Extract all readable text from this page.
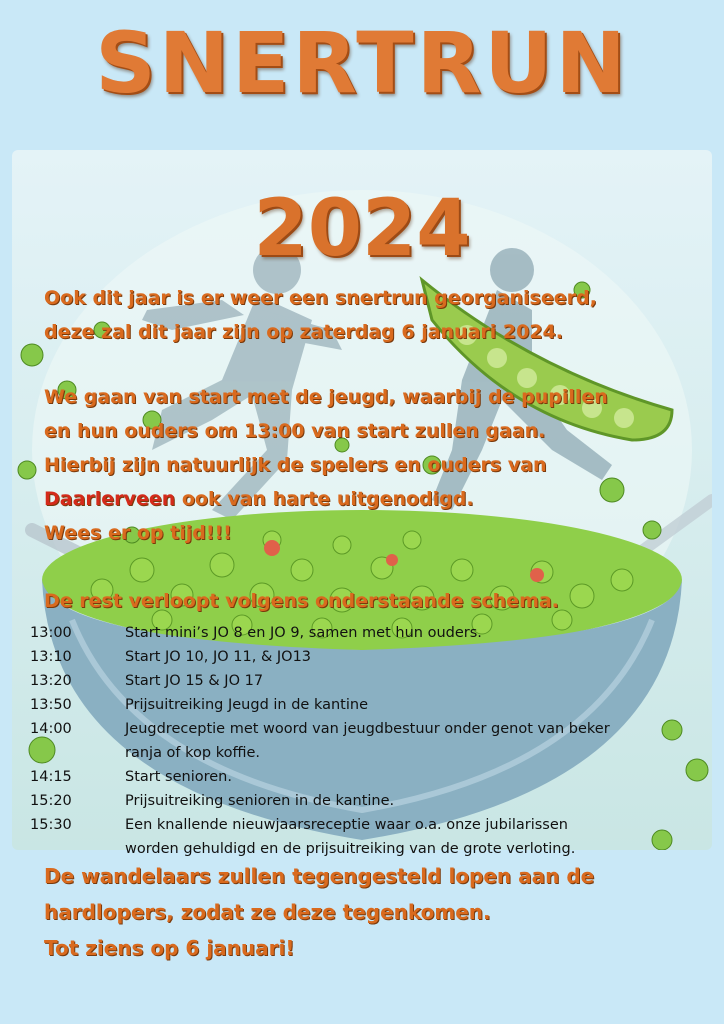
SNERTRUN
2024

Ook dit jaar is er weer een snertrun georganiseerd,

deze zal dit jaar zijn op zaterdag 6 januari 2024.

We gaan van start met de jeugd, waarbij de pupillen

en hun ouders om 13:00 van start zullen gaan.

Hierbij zijn natuurlijk de spelers en ouders van

Daarlerveen ook van harte uitgenodigd.

Wees er op tijd!!!

De rest verloopt volgens onderstaande schema.
13:00	Start mini’s JO 8 en JO 9, samen met hun ouders.
13:10	Start JO 10, JO 11, & JO13
13:20	Start JO 15 & JO 17
13:50	Prijsuitreiking Jeugd in de kantine
14:00	Jeugdreceptie met woord van jeugdbestuur onder genot van beker
ranja of kop koffie.
14:15	Start senioren.
15:20	Prijsuitreiking senioren in de kantine.
15:30	Een knallende nieuwjaarsreceptie waar o.a. onze jubilarissen
worden gehuldigd en de prijsuitreiking van de grote verloting.
De wandelaars zullen tegengesteld lopen aan de
hardlopers, zodat ze deze tegenkomen.
Tot ziens op 6 januari!
